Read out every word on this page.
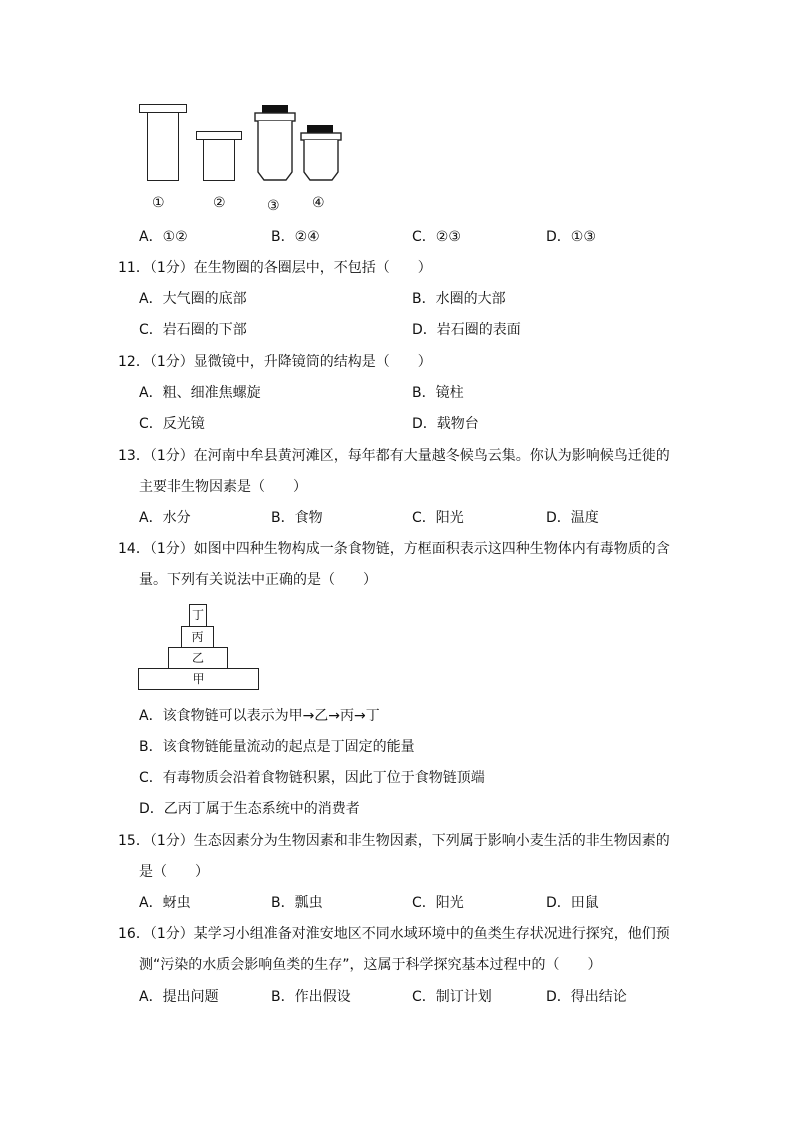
①	②	③ ④
A．①②	B．②④	C．②③	D．①③
11．（1分）在生物圈的各圈层中，不包括（　　）
A．大气圈的底部	B．水圈的大部
C．岩石圈的下部	D．岩石圈的表面
12．（1分）显微镜中，升降镜筒的结构是（　　）
A．粗、细准焦螺旋	B．镜柱
C．反光镜	D．载物台
13．（1分）在河南中牟县黄河滩区，每年都有大量越冬候鸟云集。你认为影响候鸟迁徙的
主要非生物因素是（　　）
A．水分	B．食物	C．阳光	D．温度
14．（1分）如图中四种生物构成一条食物链，方框面积表示这四种生物体内有毒物质的含
量。下列有关说法中正确的是（　　）
丁
丙
乙
甲
A．该食物链可以表示为甲→乙→丙→丁
B．该食物链能量流动的起点是丁固定的能量
C．有毒物质会沿着食物链积累，因此丁位于食物链顶端
D．乙丙丁属于生态系统中的消费者
15．（1分）生态因素分为生物因素和非生物因素，下列属于影响小麦生活的非生物因素的
是（　　）
A．蚜虫	B．瓢虫	C．阳光	D．田鼠
16．（1分）某学习小组准备对淮安地区不同水域环境中的鱼类生存状况进行探究，他们预
测“污染的水质会影响鱼类的生存”，这属于科学探究基本过程中的（　　）
A．提出问题	B．作出假设	C．制订计划	D．得出结论
